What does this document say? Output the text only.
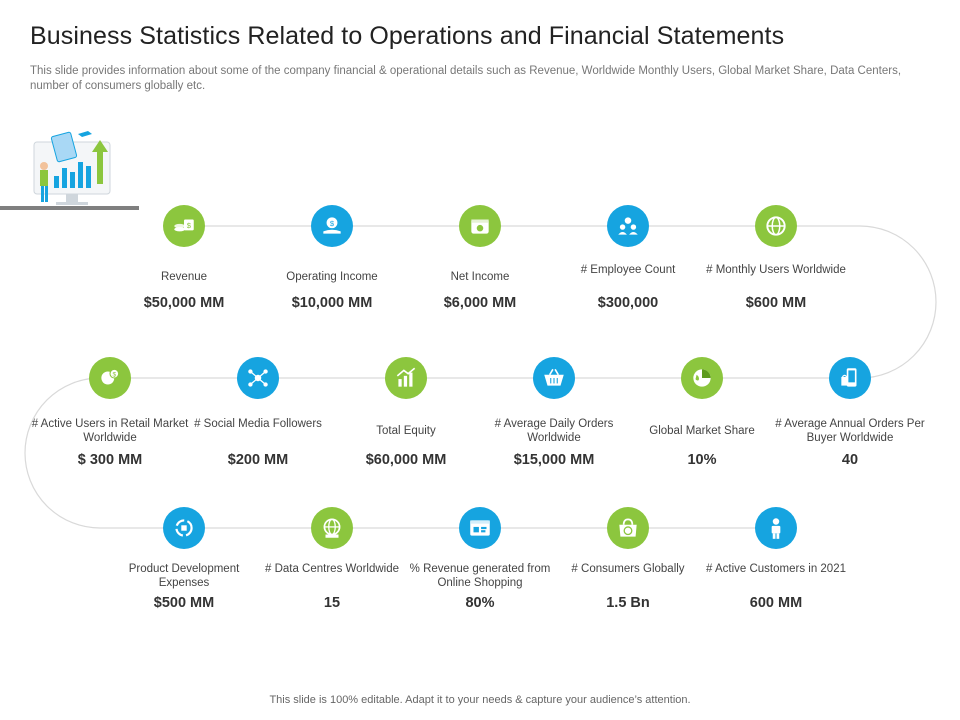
Business Statistics Related to Operations and Financial Statements

This slide provides information about some of the company financial & operational details such as Revenue, Worldwide Monthly Users, Global Market Share, Data Centers, number of consumers globally etc.

$
Revenue
$50,000 MM
$
Operating Income
$10,000 MM
Net Income
$6,000 MM
# Employee Count
$300,000
# Monthly Users Worldwide
$600 MM
$
# Active Users in Retail Market Worldwide
$ 300 MM
# Social Media Followers
$200 MM
Total Equity
$60,000 MM
# Average Daily Orders Worldwide
$15,000 MM
Global Market Share
10%
# Average Annual Orders Per Buyer Worldwide
40
Product Development Expenses
$500 MM
# Data Centres Worldwide
15
% Revenue generated from Online Shopping
80%
# Consumers Globally
1.5 Bn
# Active Customers in 2021
600 MM
This slide is 100% editable. Adapt it to your needs & capture your audience’s attention.
